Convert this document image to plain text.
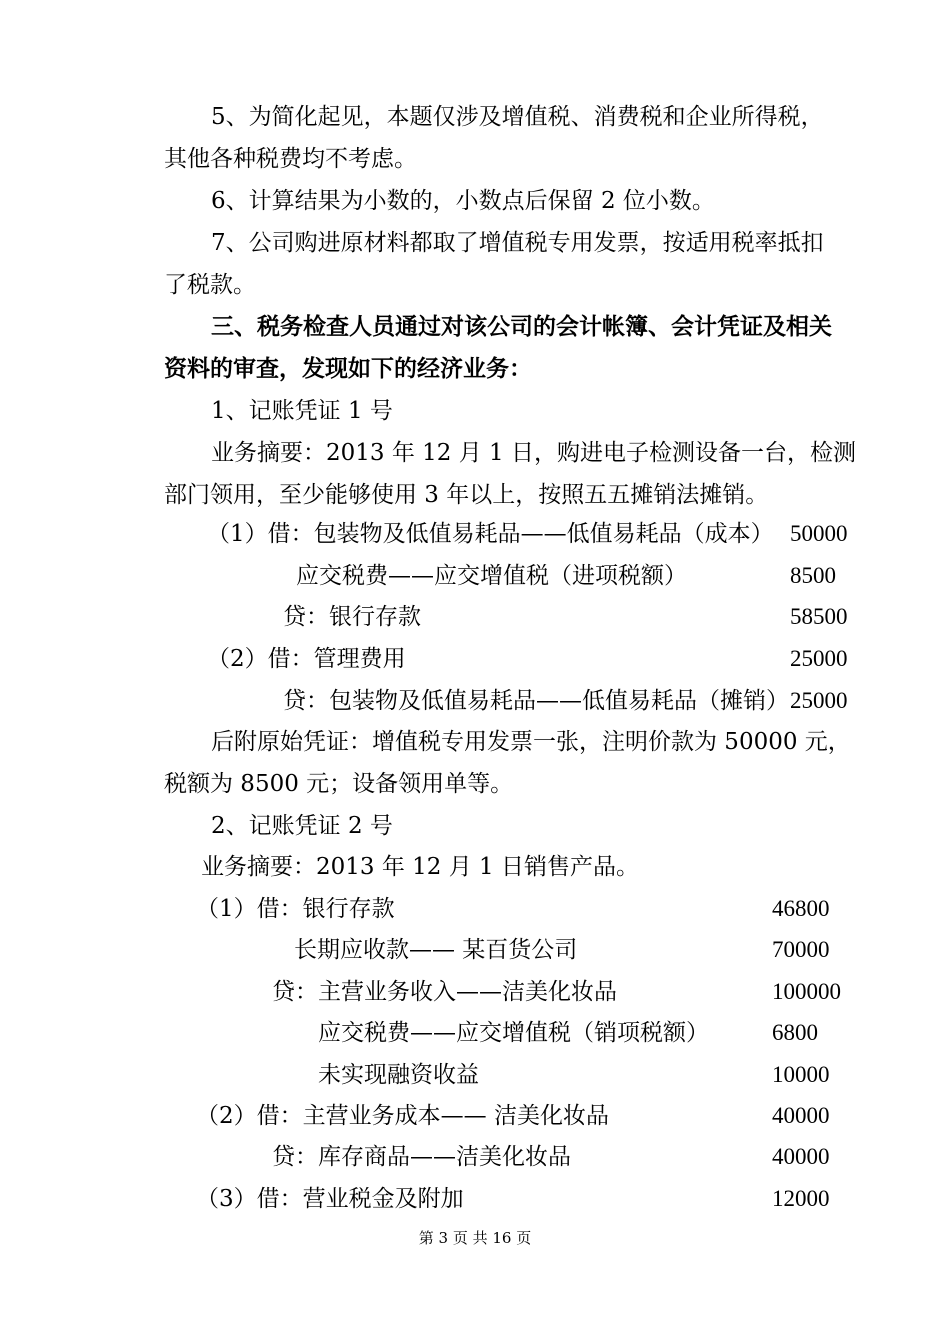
5、为简化起见，本题仅涉及增值税、消费税和企业所得税，
其他各种税费均不考虑。
6、计算结果为小数的，小数点后保留 2 位小数。
7、公司购进原材料都取了增值税专用发票，按适用税率抵扣
了税款。
三、税务检查人员通过对该公司的会计帐簿、会计凭证及相关
资料的审查，发现如下的经济业务：
1、记账凭证 1 号
业务摘要：2013 年 12 月 1 日，购进电子检测设备一台，检测
部门领用，至少能够使用 3 年以上，按照五五摊销法摊销。
（1）借：包装物及低值易耗品——低值易耗品（成本） 50000
应交税费——应交增值税（进项税额）	8500
贷：银行存款	58500
（2）借：管理费用	25000
贷：包装物及低值易耗品——低值易耗品（摊销） 25000
后附原始凭证：增值税专用发票一张，注明价款为 50000 元，
税额为 8500 元；设备领用单等。
2、记账凭证 2 号
业务摘要：2013 年 12 月 1 日销售产品。
（1）借：银行存款	46800
长期应收款—— 某百货公司	70000
贷：主营业务收入——洁美化妆品	100000
应交税费——应交增值税（销项税额）	6800
未实现融资收益	10000
（2）借：主营业务成本—— 洁美化妆品	40000
贷：库存商品——洁美化妆品	40000
（3）借：营业税金及附加	12000
第 3 页 共 16 页
